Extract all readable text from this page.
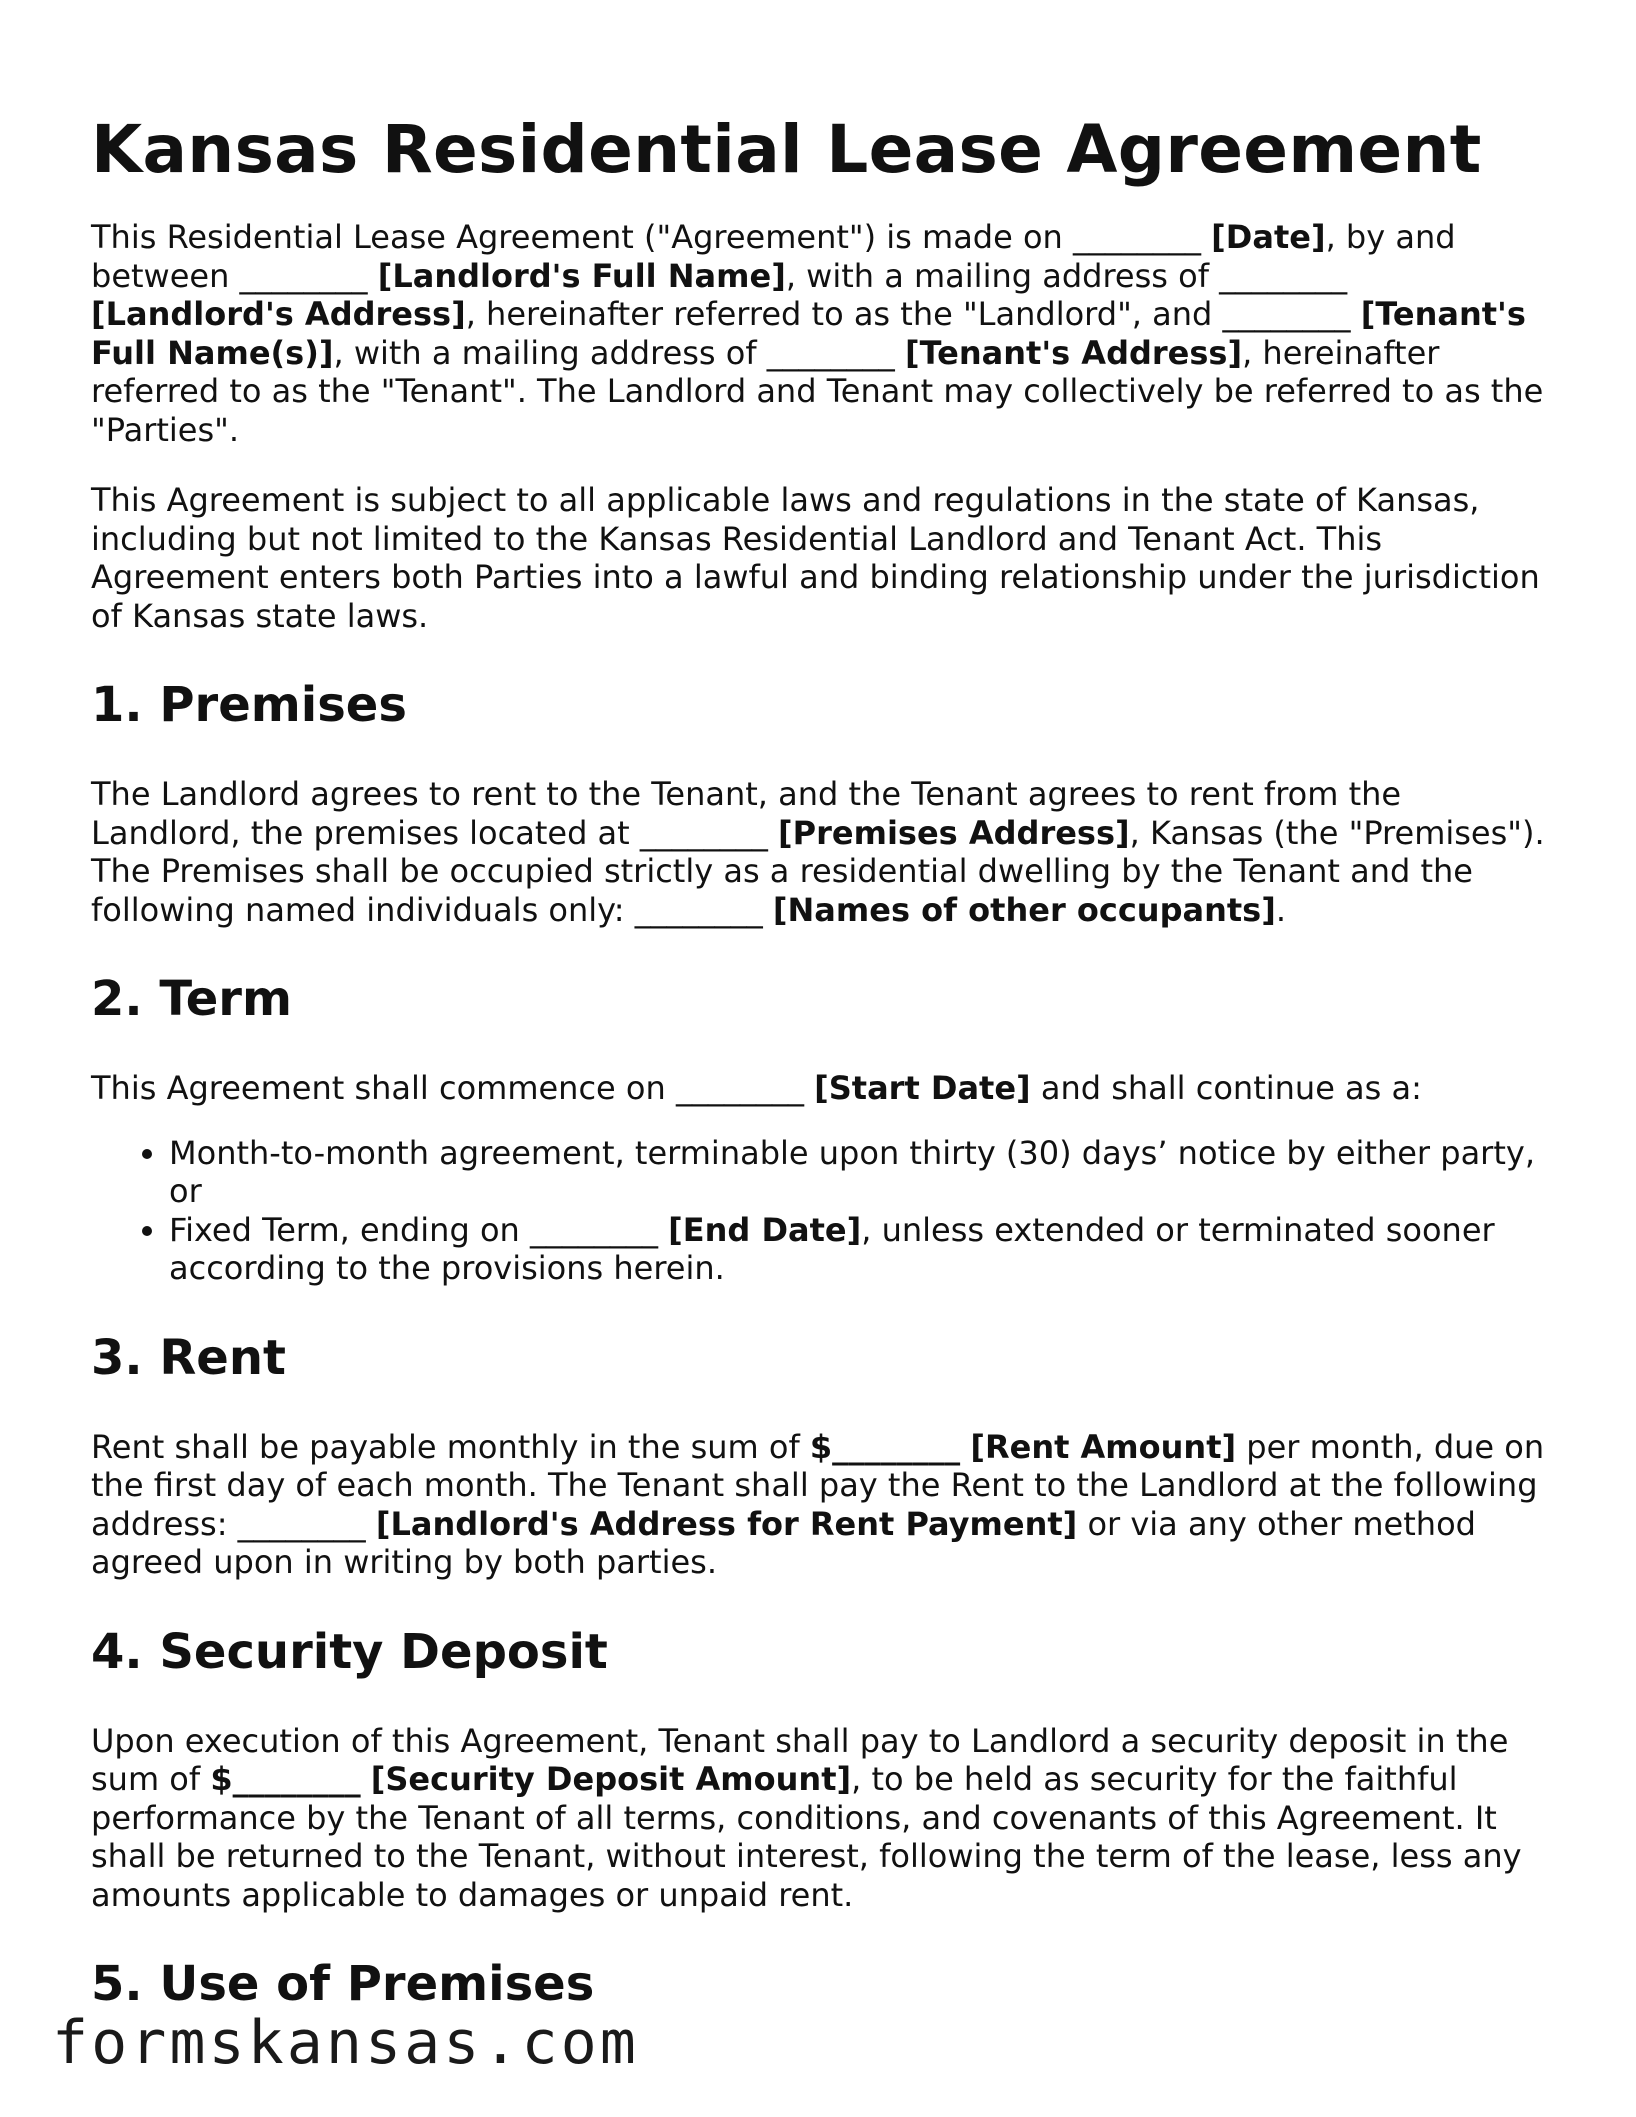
Kansas Residential Lease Agreement

This Residential Lease Agreement ("Agreement") is made on ________ [Date], by and between ________ [Landlord's Full Name], with a mailing address of ________ [Landlord's Address], hereinafter referred to as the "Landlord", and ________ [Tenant's Full Name(s)], with a mailing address of ________ [Tenant's Address], hereinafter referred to as the "Tenant". The Landlord and Tenant may collectively be referred to as the "Parties".

This Agreement is subject to all applicable laws and regulations in the state of Kansas, including but not limited to the Kansas Residential Landlord and Tenant Act. This Agreement enters both Parties into a lawful and binding relationship under the jurisdiction of Kansas state laws.

1. Premises

The Landlord agrees to rent to the Tenant, and the Tenant agrees to rent from the Landlord, the premises located at ________ [Premises Address], Kansas (the "Premises"). The Premises shall be occupied strictly as a residential dwelling by the Tenant and the following named individuals only: ________ [Names of other occupants].

2. Term

This Agreement shall commence on ________ [Start Date] and shall continue as a:

• Month-to-month agreement, terminable upon thirty (30) days’ notice by either party, or
• Fixed Term, ending on ________ [End Date], unless extended or terminated sooner according to the provisions herein.
3. Rent

Rent shall be payable monthly in the sum of $________ [Rent Amount] per month, due on the first day of each month. The Tenant shall pay the Rent to the Landlord at the following address: ________ [Landlord's Address for Rent Payment] or via any other method agreed upon in writing by both parties.

4. Security Deposit

Upon execution of this Agreement, Tenant shall pay to Landlord a security deposit in the sum of $________ [Security Deposit Amount], to be held as security for the faithful performance by the Tenant of all terms, conditions, and covenants of this Agreement. It shall be returned to the Tenant, without interest, following the term of the lease, less any amounts applicable to damages or unpaid rent.

5. Use of Premises
formskansas.com
